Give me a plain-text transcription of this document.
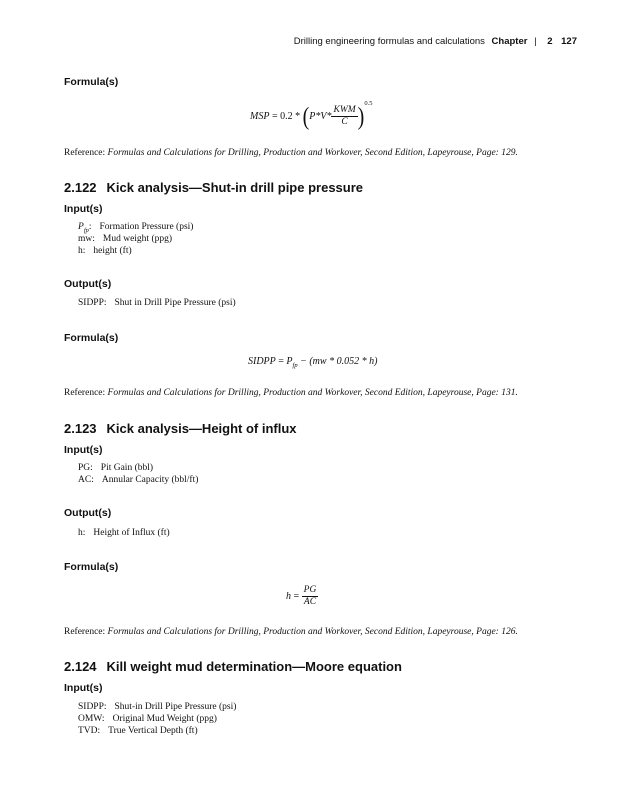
Drilling engineering formulas and calculations Chapter | 2 127
Formula(s)
MSP = $0.2 * (P*V* \frac{\text{KWM}}{C} )^{0.5}$
Reference: Formulas and Calculations for Drilling, Production and Workover, Second Edition, Lapeyrouse, Page: 129.
2.122 Kick analysis—Shut-in drill pipe pressure
Input(s)
$P_{fp}$: Formation Pressure (psi)
mw: Mud weight (ppg)
h: height (ft)
Output(s)
SIDPP: Shut in Drill Pipe Pressure (psi)
Formula(s)
SIDPP = $P_{fp} - (mw * 0.052 * h)$
Reference: Formulas and Calculations for Drilling, Production and Workover, Second Edition, Lapeyrouse, Page: 131.
2.123 Kick analysis—Height of influx
Input(s)
PG: Pit Gain (bbl)
AC: Annular Capacity (bbl/ft)
Output(s)
h: Height of Influx (ft)
Formula(s)
$h = \frac{PG}{AC}$
Reference: Formulas and Calculations for Drilling, Production and Workover, Second Edition, Lapeyrouse, Page: 126.
2.124 Kill weight mud determination—Moore equation
Input(s)
SIDPP: Shut-in Drill Pipe Pressure (psi)
OMW: Original Mud Weight (ppg)
TVD: True Vertical Depth (ft)
